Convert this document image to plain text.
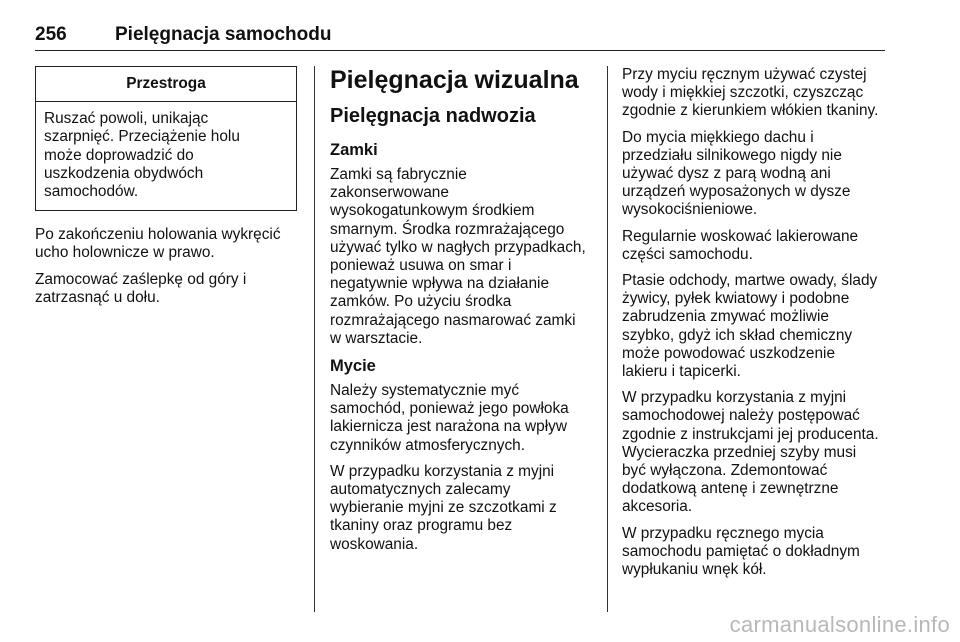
256	Pielęgnacja samochodu
Przestroga
Ruszać powoli, unikając
szarpnięć. Przeciążenie holu
może doprowadzić do
uszkodzenia obydwóch
samochodów.

Po zakończeniu holowania wykręcić
ucho holownicze w prawo.

Zamocować zaślepkę od góry i
zatrzasnąć u dołu.

Pielęgnacja wizualna
Pielęgnacja nadwozia
Zamki

Zamki są fabrycznie
zakonserwowane
wysokogatunkowym środkiem
smarnym. Środka rozmrażającego
używać tylko w nagłych przypadkach,
ponieważ usuwa on smar i
negatywnie wpływa na działanie
zamków. Po użyciu środka
rozmrażającego nasmarować zamki
w warsztacie.

Mycie

Należy systematycznie myć
samochód, ponieważ jego powłoka
lakiernicza jest narażona na wpływ
czynników atmosferycznych.

W przypadku korzystania z myjni
automatycznych zalecamy
wybieranie myjni ze szczotkami z
tkaniny oraz programu bez
woskowania.

Przy myciu ręcznym używać czystej
wody i miękkiej szczotki, czyszcząc
zgodnie z kierunkiem włókien tkaniny.

Do mycia miękkiego dachu i
przedziału silnikowego nigdy nie
używać dysz z parą wodną ani
urządzeń wyposażonych w dysze
wysokociśnieniowe.

Regularnie woskować lakierowane
części samochodu.

Ptasie odchody, martwe owady, ślady
żywicy, pyłek kwiatowy i podobne
zabrudzenia zmywać możliwie
szybko, gdyż ich skład chemiczny
może powodować uszkodzenie
lakieru i tapicerki.

W przypadku korzystania z myjni
samochodowej należy postępować
zgodnie z instrukcjami jej producenta.
Wycieraczka przedniej szyby musi
być wyłączona. Zdemontować
dodatkową antenę i zewnętrzne
akcesoria.

W przypadku ręcznego mycia
samochodu pamiętać o dokładnym
wypłukaniu wnęk kół.

carmanualsonline.info
